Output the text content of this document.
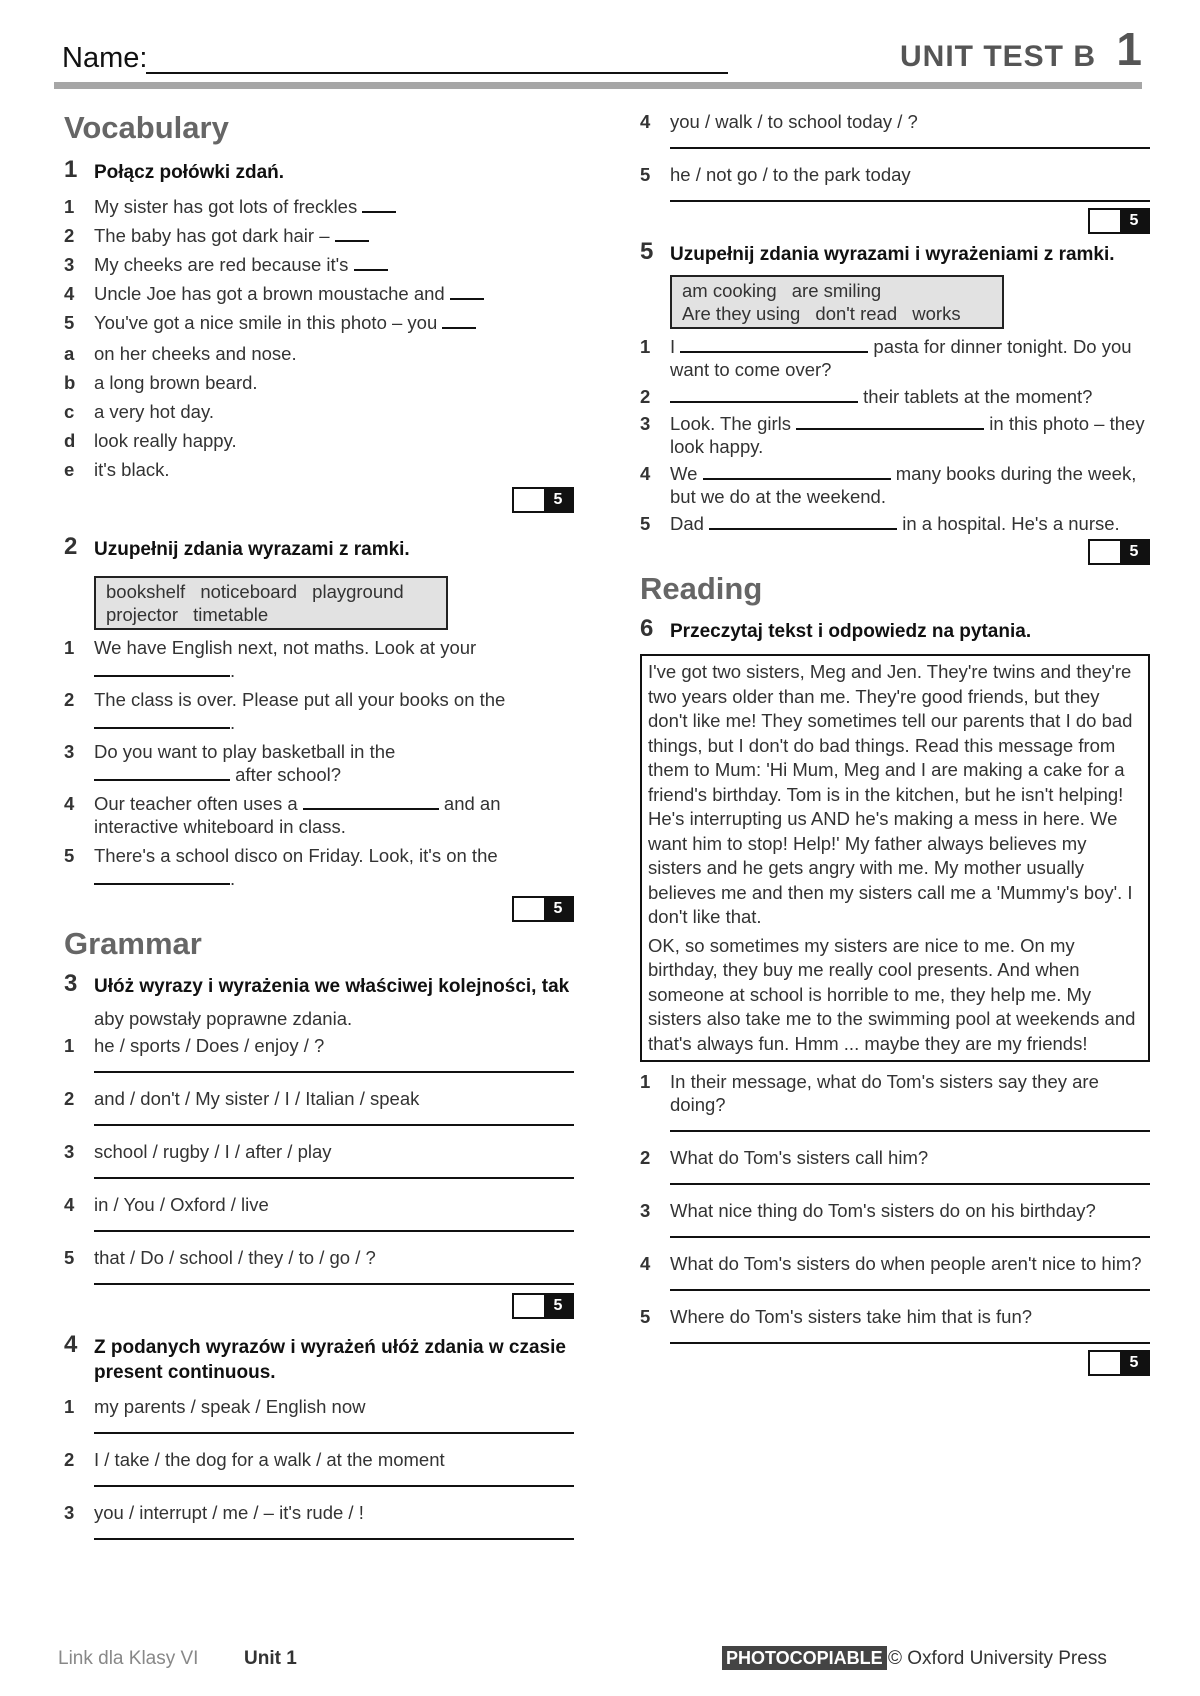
Name:	UNIT TEST B 1
Vocabulary
1 Połącz połówki zdań.
1 My sister has got lots of freckles
2 The baby has got dark hair –
3 My cheeks are red because it's
4 Uncle Joe has got a brown moustache and
5 You've got a nice smile in this photo – you
a on her cheeks and nose.
b a long brown beard.
c a very hot day.
d look really happy.
e it's black.
5
2 Uzupełnij zdania wyrazami z ramki.
bookshelf noticeboard playground
projector timetable
1 We have English next, not maths. Look at your
.
2 The class is over. Please put all your books on the .
3 Do you want to play basketball in the
after school?
4 Our teacher often uses a	and an interactive whiteboard in class.
5 There's a school disco on Friday. Look, it's on the .
5
Grammar
3 Ułóż wyrazy i wyrażenia we właściwej kolejności, tak
aby powstały poprawne zdania.
1 he / sports / Does / enjoy / ?
2 and / don't / My sister / I / Italian / speak
3 school / rugby / I / after / play
4 in / You / Oxford / live
5 that / Do / school / they / to / go / ?
5
4 Z podanych wyrazów i wyrażeń ułóż zdania w czasie present continuous.
1 my parents / speak / English now
2 I / take / the dog for a walk / at the moment
3 you / interrupt / me / – it's rude / !
4 you / walk / to school today / ?
5 he / not go / to the park today
5
5 Uzupełnij zdania wyrazami i wyrażeniami z ramki.
am cooking are smiling
Are they using don't read works
1 I	pasta for dinner tonight. Do you want to come over?
2	their tablets at the moment?
3 Look. The girls	in this photo – they look happy.
4 We	many books during the week, but we do at the weekend.
5 Dad	in a hospital. He's a nurse.
5
Reading
6 Przeczytaj tekst i odpowiedz na pytania.

I've got two sisters, Meg and Jen. They're twins and they're two years older than me. They're good friends, but they don't like me! They sometimes tell our parents that I do bad things, but I don't do bad things. Read this message from them to Mum: 'Hi Mum, Meg and I are making a cake for a friend's birthday. Tom is in the kitchen, but he isn't helping! He's interrupting us AND he's making a mess in here. We want him to stop! Help!' My father always believes my sisters and he gets angry with me. My mother usually believes me and then my sisters call me a 'Mummy's boy'. I don't like that.

OK, so sometimes my sisters are nice to me. On my birthday, they buy me really cool presents. And when someone at school is horrible to me, they help me. My sisters also take me to the swimming pool at weekends and that's always fun. Hmm ... maybe they are my friends!

1 In their message, what do Tom's sisters say they are doing?
2 What do Tom's sisters call him?
3 What nice thing do Tom's sisters do on his birthday?
4 What do Tom's sisters do when people aren't nice to him?
5 Where do Tom's sisters take him that is fun?
5
Link dla Klasy VI Unit 1	PHOTOCOPIABLE © Oxford University Press
